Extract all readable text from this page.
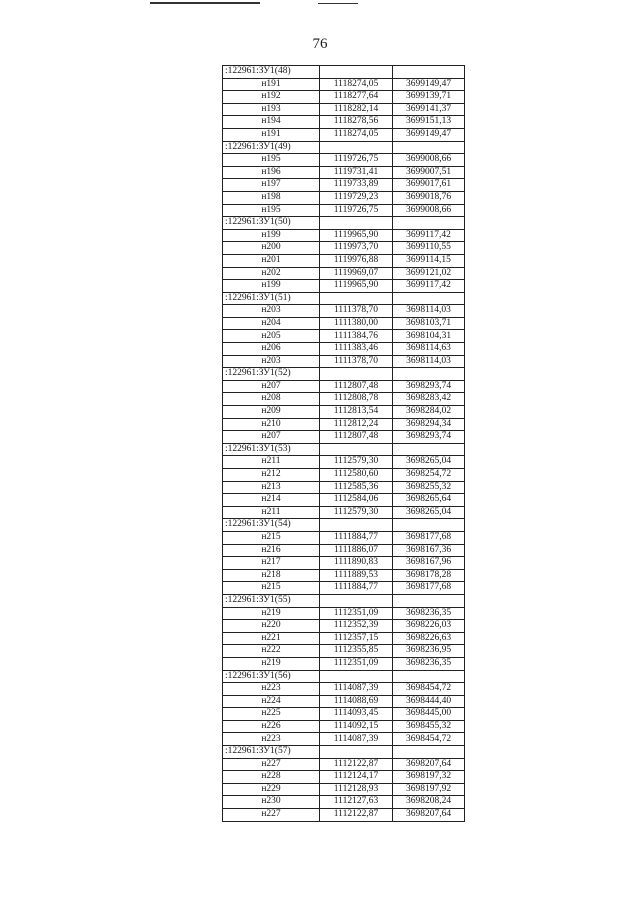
76
:122961:ЗУ1(48)		
н191	1118274,05	3699149,47
н192	1118277,64	3699139,71
н193	1118282,14	3699141,37
н194	1118278,56	3699151,13
н191	1118274,05	3699149,47
:122961:ЗУ1(49)		
н195	1119726,75	3699008,66
н196	1119731,41	3699007,51
н197	1119733,89	3699017,61
н198	1119729,23	3699018,76
н195	1119726,75	3699008,66
:122961:ЗУ1(50)		
н199	1119965,90	3699117,42
н200	1119973,70	3699110,55
н201	1119976,88	3699114,15
н202	1119969,07	3699121,02
н199	1119965,90	3699117,42
:122961:ЗУ1(51)		
н203	1111378,70	3698114,03
н204	1111380,00	3698103,71
н205	1111384,76	3698104,31
н206	1111383,46	3698114,63
н203	1111378,70	3698114,03
:122961:ЗУ1(52)		
н207	1112807,48	3698293,74
н208	1112808,78	3698283,42
н209	1112813,54	3698284,02
н210	1112812,24	3698294,34
н207	1112807,48	3698293,74
:122961:ЗУ1(53)		
н211	1112579,30	3698265,04
н212	1112580,60	3698254,72
н213	1112585,36	3698255,32
н214	1112584,06	3698265,64
н211	1112579,30	3698265,04
:122961:ЗУ1(54)		
н215	1111884,77	3698177,68
н216	1111886,07	3698167,36
н217	1111890,83	3698167,96
н218	1111889,53	3698178,28
н215	1111884,77	3698177,68
:122961:ЗУ1(55)		
н219	1112351,09	3698236,35
н220	1112352,39	3698226,03
н221	1112357,15	3698226,63
н222	1112355,85	3698236,95
н219	1112351,09	3698236,35
:122961:ЗУ1(56)		
н223	1114087,39	3698454,72
н224	1114088,69	3698444,40
н225	1114093,45	3698445,00
н226	1114092,15	3698455,32
н223	1114087,39	3698454,72
:122961:ЗУ1(57)		
н227	1112122,87	3698207,64
н228	1112124,17	3698197,32
н229	1112128,93	3698197,92
н230	1112127,63	3698208,24
н227	1112122,87	3698207,64
